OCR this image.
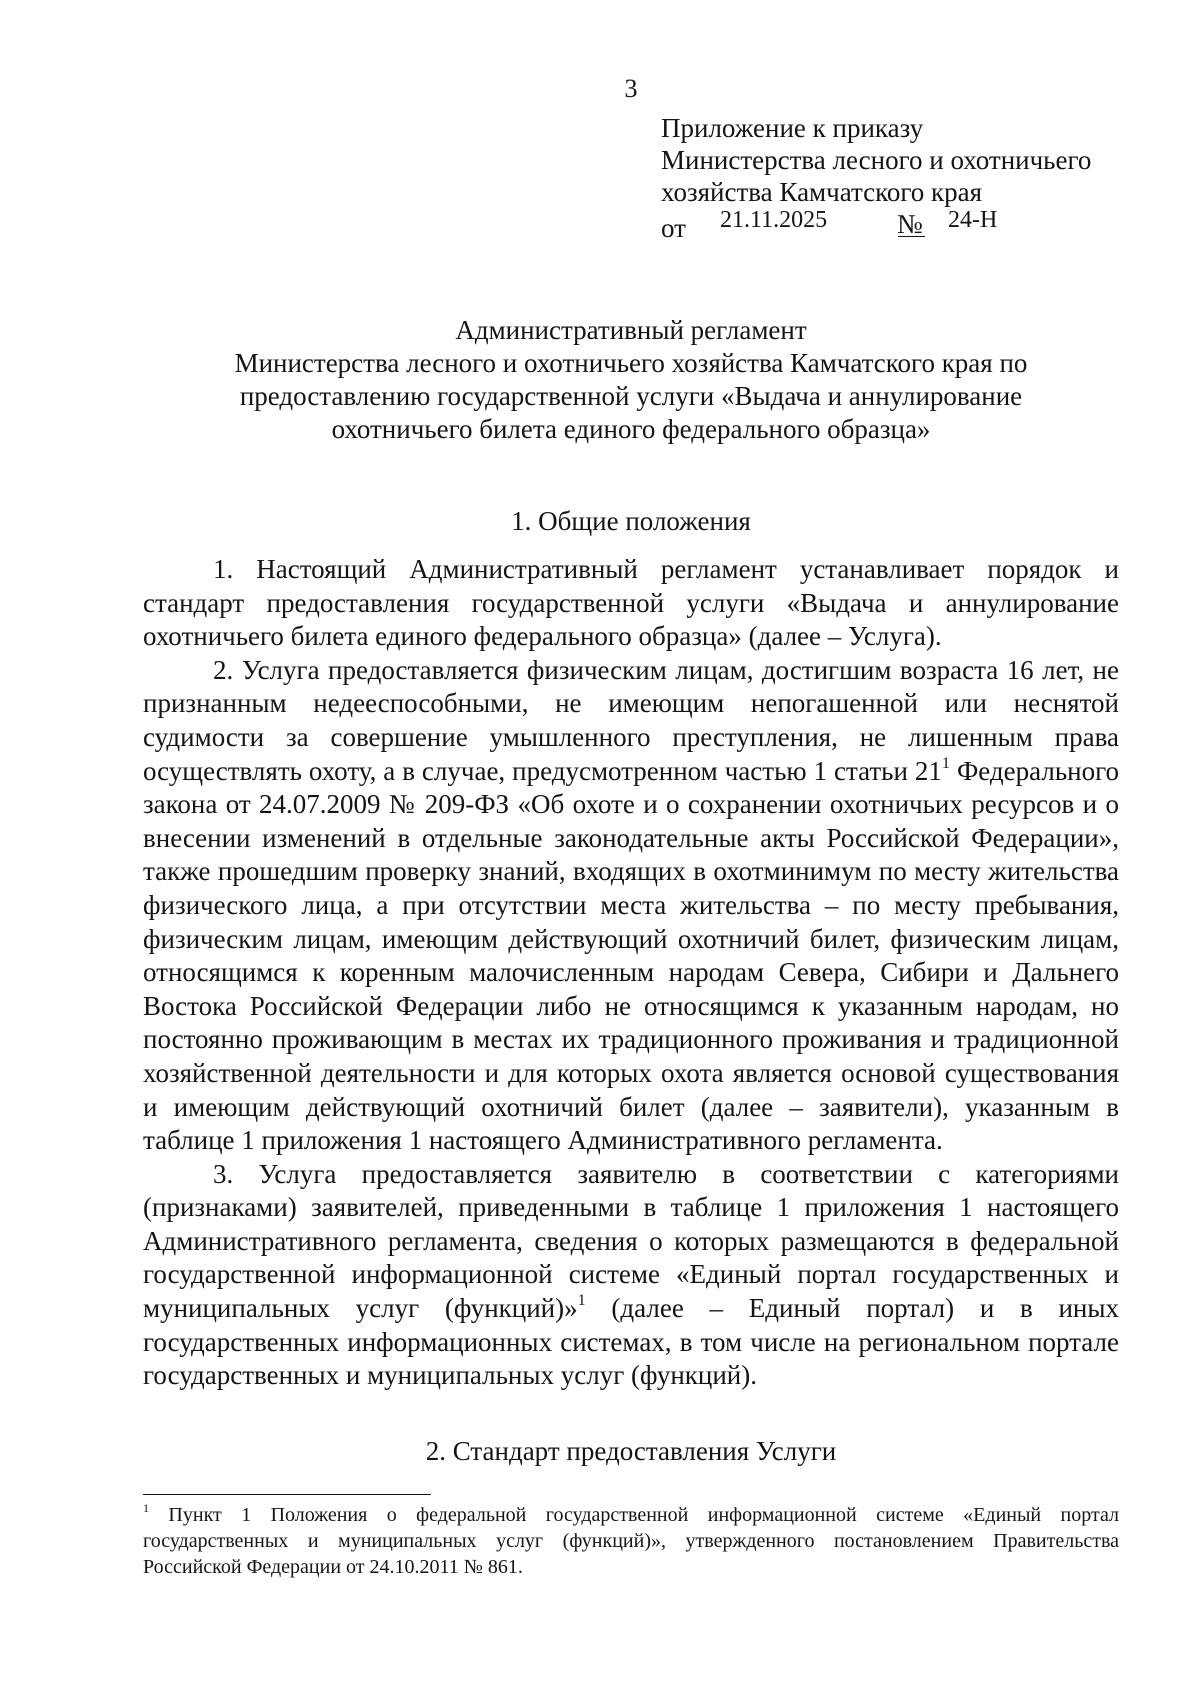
3
Приложение к приказу
Министерства лесного и охотничьего
хозяйства Камчатского края
от 21.11.2025	№ 24-Н
Административный регламент
Министерства лесного и охотничьего хозяйства Камчатского края по
предоставлению государственной услуги «Выдача и аннулирование
охотничьего билета единого федерального образца»
1. Общие положения

1. Настоящий Административный регламент устанавливает порядок и стандарт предоставления государственной услуги «Выдача и аннулирование охотничьего билета единого федерального образца» (далее – Услуга).

2. Услуга предоставляется физическим лицам, достигшим возраста 16 лет, не признанным недееспособными, не имеющим непогашенной или неснятой судимости за совершение умышленного преступления, не лишенным права осуществлять охоту, а в случае, предусмотренном частью 1 статьи $21^1$ Федерального закона от 24.07.2009 № 209-ФЗ «Об охоте и о сохранении охотничьих ресурсов и о внесении изменений в отдельные законодательные акты Российской Федерации», также прошедшим проверку знаний, входящих в охотминимум по месту жительства физического лица, а при отсутствии места жительства – по месту пребывания, физическим лицам, имеющим действующий охотничий билет, физическим лицам, относящимся к коренным малочисленным народам Севера, Сибири и Дальнего Востока Российской Федерации либо не относящимся к указанным народам, но постоянно проживающим в местах их традиционного проживания и традиционной хозяйственной деятельности и для которых охота является основой существования и имеющим действующий охотничий билет (далее – заявители), указанным в таблице 1 приложения 1 настоящего Административного регламента.

3. Услуга предоставляется заявителю в соответствии с категориями (признаками) заявителей, приведенными в таблице 1 приложения 1 настоящего Административного регламента, сведения о которых размещаются в федеральной государственной информационной системе «Единый портал государственных и муниципальных услуг (функций)»$^1$ (далее – Единый портал) и в иных государственных информационных системах, в том числе на региональном портале государственных и муниципальных услуг (функций).

2. Стандарт предоставления Услуги
$^1$ Пункт 1 Положения о федеральной государственной информационной системе «Единый портал государственных и муниципальных услуг (функций)», утвержденного постановлением Правительства Российской Федерации от 24.10.2011 № 861.
